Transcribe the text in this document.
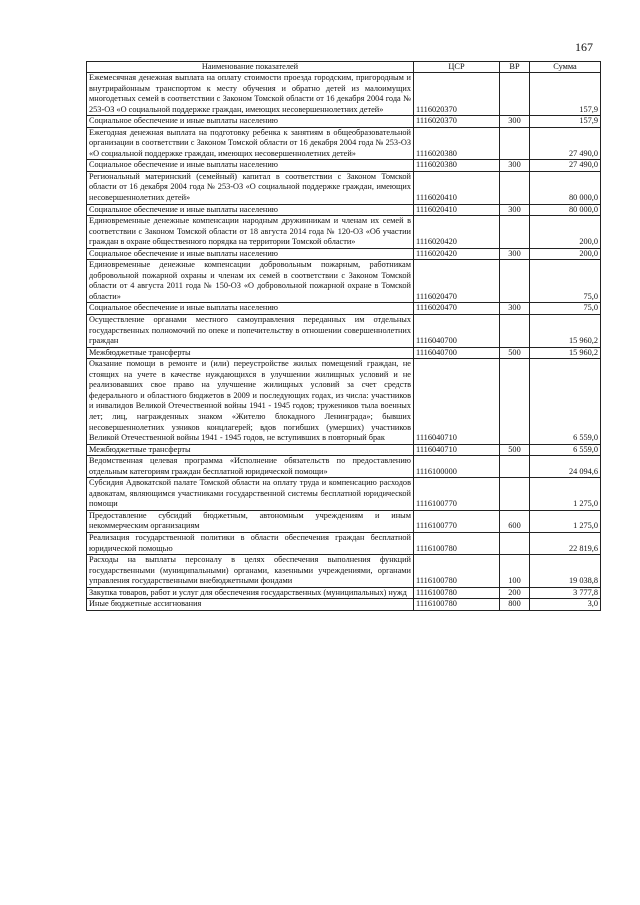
167
Наименование показателей	ЦСР	ВР	Сумма
Ежемесячная денежная выплата на оплату стоимости проезда городским, пригородным и внутрирайонным транспортом к месту обучения и обратно детей из малоимущих многодетных семей в соответствии с Законом Томской области от 16 декабря 2004 года № 253-ОЗ «О социальной поддержке граждан, имеющих несовершеннолетних детей»	1116020370		157,9
Социальное обеспечение и иные выплаты населению	1116020370	300	157,9
Ежегодная денежная выплата на подготовку ребенка к занятиям в общеобразовательной организации в соответствии с Законом Томской области от 16 декабря 2004 года № 253-ОЗ «О социальной поддержке граждан, имеющих несовершеннолетних детей»	1116020380		27 490,0
Социальное обеспечение и иные выплаты населению	1116020380	300	27 490,0
Региональный материнский (семейный) капитал в соответствии с Законом Томской области от 16 декабря 2004 года № 253-ОЗ «О социальной поддержке граждан, имеющих несовершеннолетних детей»	1116020410		80 000,0
Социальное обеспечение и иные выплаты населению	1116020410	300	80 000,0
Единовременные денежные компенсации народным дружинникам и членам их семей в соответствии с Законом Томской области от 18 августа 2014 года № 120-ОЗ «Об участии граждан в охране общественного порядка на территории Томской области»	1116020420		200,0
Социальное обеспечение и иные выплаты населению	1116020420	300	200,0
Единовременные денежные компенсации добровольным пожарным, работникам добровольной пожарной охраны и членам их семей в соответствии с Законом Томской области от 4 августа 2011 года № 150-ОЗ «О добровольной пожарной охране в Томской области»	1116020470		75,0
Социальное обеспечение и иные выплаты населению	1116020470	300	75,0
Осуществление органами местного самоуправления переданных им отдельных государственных полномочий по опеке и попечительству в отношении совершеннолетних граждан	1116040700		15 960,2
Межбюджетные трансферты	1116040700	500	15 960,2
Оказание помощи в ремонте и (или) переустройстве жилых помещений граждан, не стоящих на учете в качестве нуждающихся в улучшении жилищных условий и не реализовавших свое право на улучшение жилищных условий за счет средств федерального и областного бюджетов в 2009 и последующих годах, из числа: участников и инвалидов Великой Отечественной войны 1941 - 1945 годов; тружеников тыла военных лет; лиц, награжденных знаком «Жителю блокадного Ленинграда»; бывших несовершеннолетних узников концлагерей; вдов погибших (умерших) участников Великой Отечественной войны 1941 - 1945 годов, не вступивших в повторный брак	1116040710		6 559,0
Межбюджетные трансферты	1116040710	500	6 559,0
Ведомственная целевая программа «Исполнение обязательств по предоставлению отдельным категориям граждан бесплатной юридической помощи»	1116100000		24 094,6
Субсидия Адвокатской палате Томской области на оплату труда и компенсацию расходов адвокатам, являющимся участниками государственной системы бесплатной юридической помощи	1116100770		1 275,0
Предоставление субсидий бюджетным, автономным учреждениям и иным некоммерческим организациям	1116100770	600	1 275,0
Реализация государственной политики в области обеспечения граждан бесплатной юридической помощью	1116100780		22 819,6
Расходы на выплаты персоналу в целях обеспечения выполнения функций государственными (муниципальными) органами, казенными учреждениями, органами управления государственными внебюджетными фондами	1116100780	100	19 038,8
Закупка товаров, работ и услуг для обеспечения государственных (муниципальных) нужд	1116100780	200	3 777,8
Иные бюджетные ассигнования	1116100780	800	3,0
